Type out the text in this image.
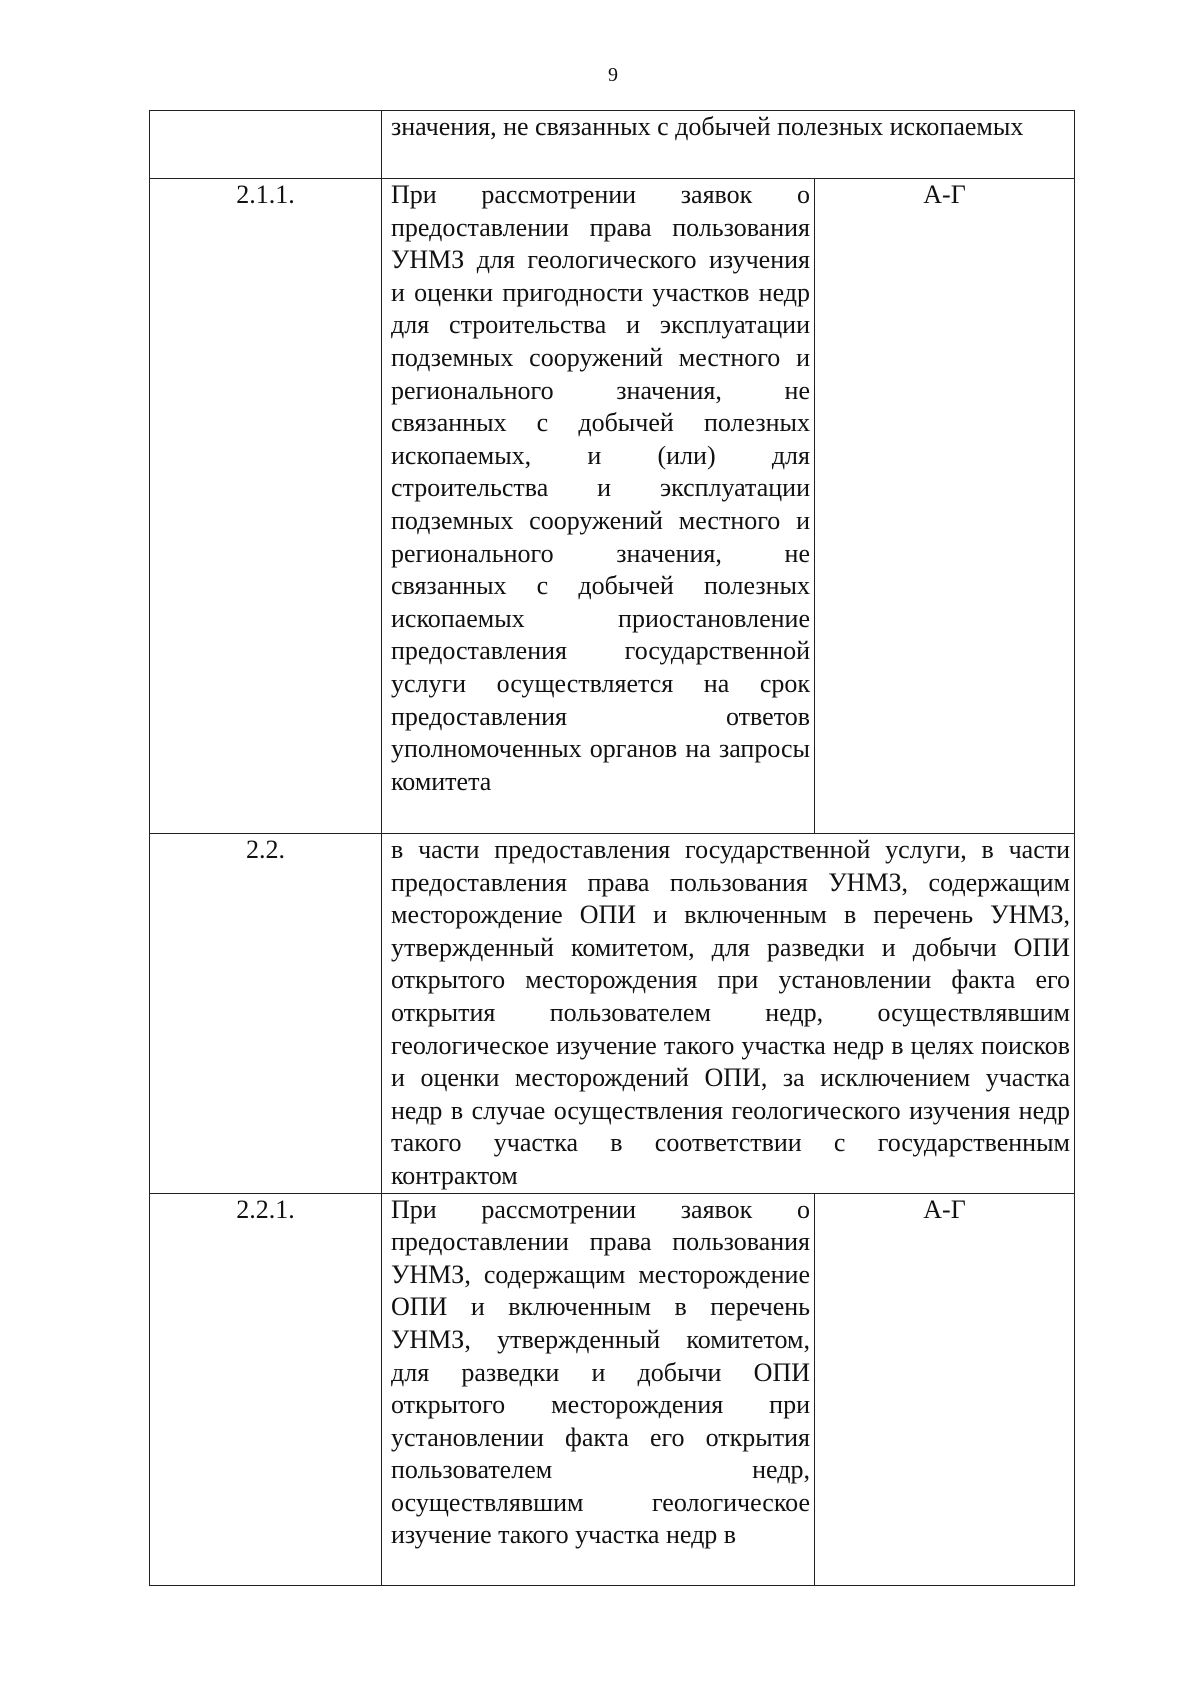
9
	значения, не связанных с добычей полезных ископаемых	
2.1.1.	При рассмотрении заявок о предоставлении права пользования УНМЗ для геологического изучения и оценки пригодности участков недр для строительства и эксплуатации подземных сооружений местного и регионального значения, не связанных с добычей полезных ископаемых, и (или) для строительства и эксплуатации подземных сооружений местного и регионального значения, не связанных с добычей полезных ископаемых приостановление предоставления государственной услуги осуществляется на срок предоставления ответов уполномоченных органов на запросы комитета	А-Г
2.2.	в части предоставления государственной услуги, в части предоставления права пользования УНМЗ, содержащим месторождение ОПИ и включенным в перечень УНМЗ, утвержденный комитетом, для разведки и добычи ОПИ открытого месторождения при установлении факта его открытия пользователем недр, осуществлявшим геологическое изучение такого участка недр в целях поисков и оценки месторождений ОПИ, за исключением участка недр в случае осуществления геологического изучения недр такого участка в соответствии с государственным контрактом	
2.2.1.	При рассмотрении заявок о предоставлении права пользования УНМЗ, содержащим месторождение ОПИ и включенным в перечень УНМЗ, утвержденный комитетом, для разведки и добычи ОПИ открытого месторождения при установлении факта его открытия пользователем недр, осуществлявшим геологическое изучение такого участка недр в	А-Г
